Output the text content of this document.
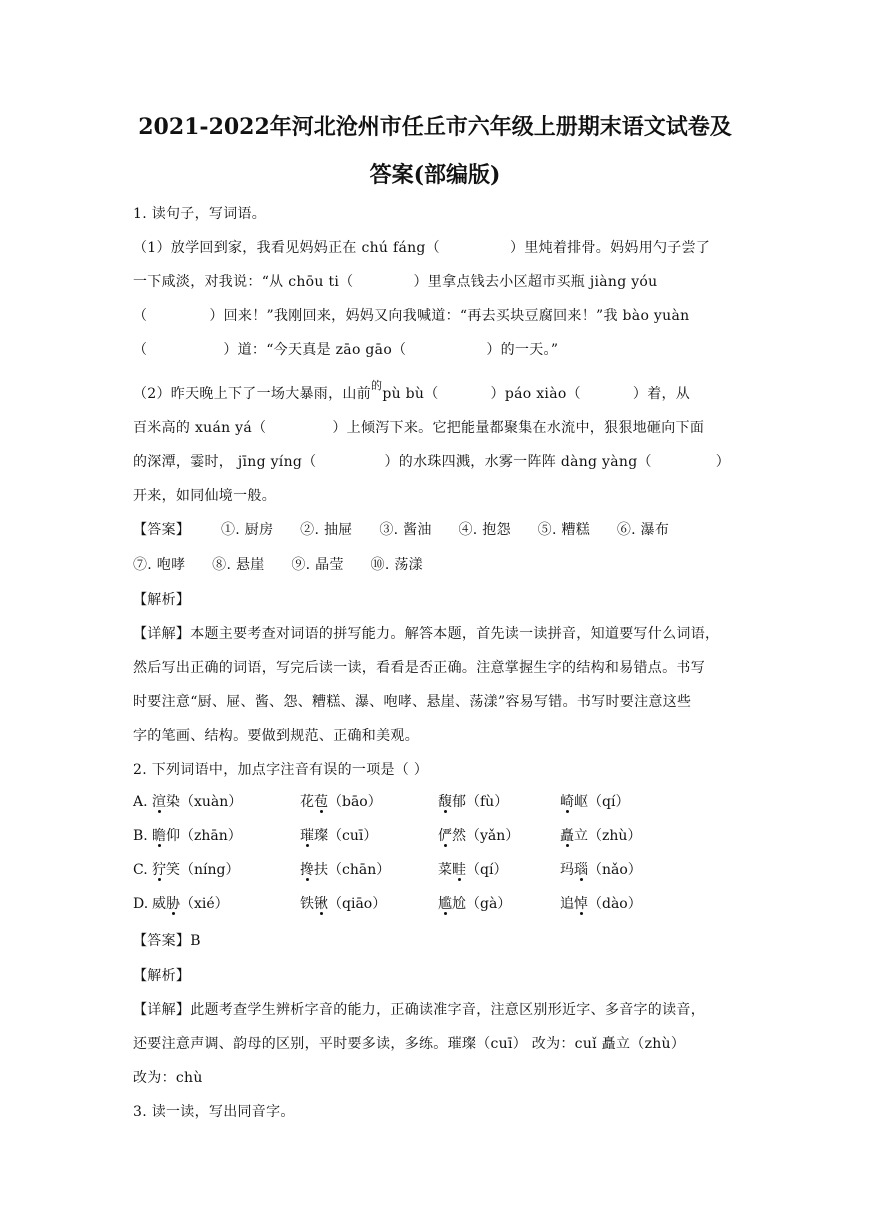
2021-2022年河北沧州市任丘市六年级上册期末语文试卷及
答案(部编版)
1. 读句子，写词语。
（1）放学回到家，我看见妈妈正在 chú fáng（	）里炖着排骨。妈妈用勺子尝了
一下咸淡，对我说：“从 chōu ti（	）里拿点钱去小区超市买瓶 jiàng yóu
（	）回来！”我刚回来，妈妈又向我喊道：“再去买块豆腐回来！”我 bào yuàn
（	）道：“今天真是 zāo gāo（	）的一天。”
（2）昨天晚上下了一场大暴雨，山前$^的$pù bù（	）páo xiào（	）着，从
百米高的 xuán yá（	）上倾泻下来。它把能量都聚集在水流中，狠狠地砸向下面
的深潭，霎时， jīng yíng（	）的水珠四溅，水雾一阵阵 dàng yàng（	）
开来，如同仙境一般。
【答案】 ①. 厨房 ②. 抽屉 ③. 酱油 ④. 抱怨 ⑤. 糟糕 ⑥. 瀑布
⑦. 咆哮 ⑧. 悬崖 ⑨. 晶莹 ⑩. 荡漾
【解析】
【详解】本题主要考查对词语的拼写能力。解答本题，首先读一读拼音，知道要写什么词语，
然后写出正确的词语，写完后读一读，看看是否正确。注意掌握生字的结构和易错点。书写
时要注意“厨、屉、酱、怨、糟糕、瀑、咆哮、悬崖、荡漾”容易写错。书写时要注意这些
字的笔画、结构。要做到规范、正确和美观。
2. 下列词语中，加点字注音有误的一项是（ ）
A. 渲染（xuàn）	花苞（bāo）	馥郁（fù）	崎岖（qí）
B. 瞻仰（zhān）	璀璨（cuī）	俨然（yǎn）	矗立（zhù）
C. 狞笑（níng）	搀扶（chān）	菜畦（qí）	玛瑙（nǎo）
D. 威胁（xié）	铁锹（qiāo）	尴尬（gà）	追悼（dào）
【答案】B
【解析】
【详解】此题考查学生辨析字音的能力，正确读准字音，注意区别形近字、多音字的读音，
还要注意声调、韵母的区别，平时要多读，多练。璀璨（cuī） 改为：cuǐ 矗立（zhù）
改为：chù
3. 读一读，写出同音字。
